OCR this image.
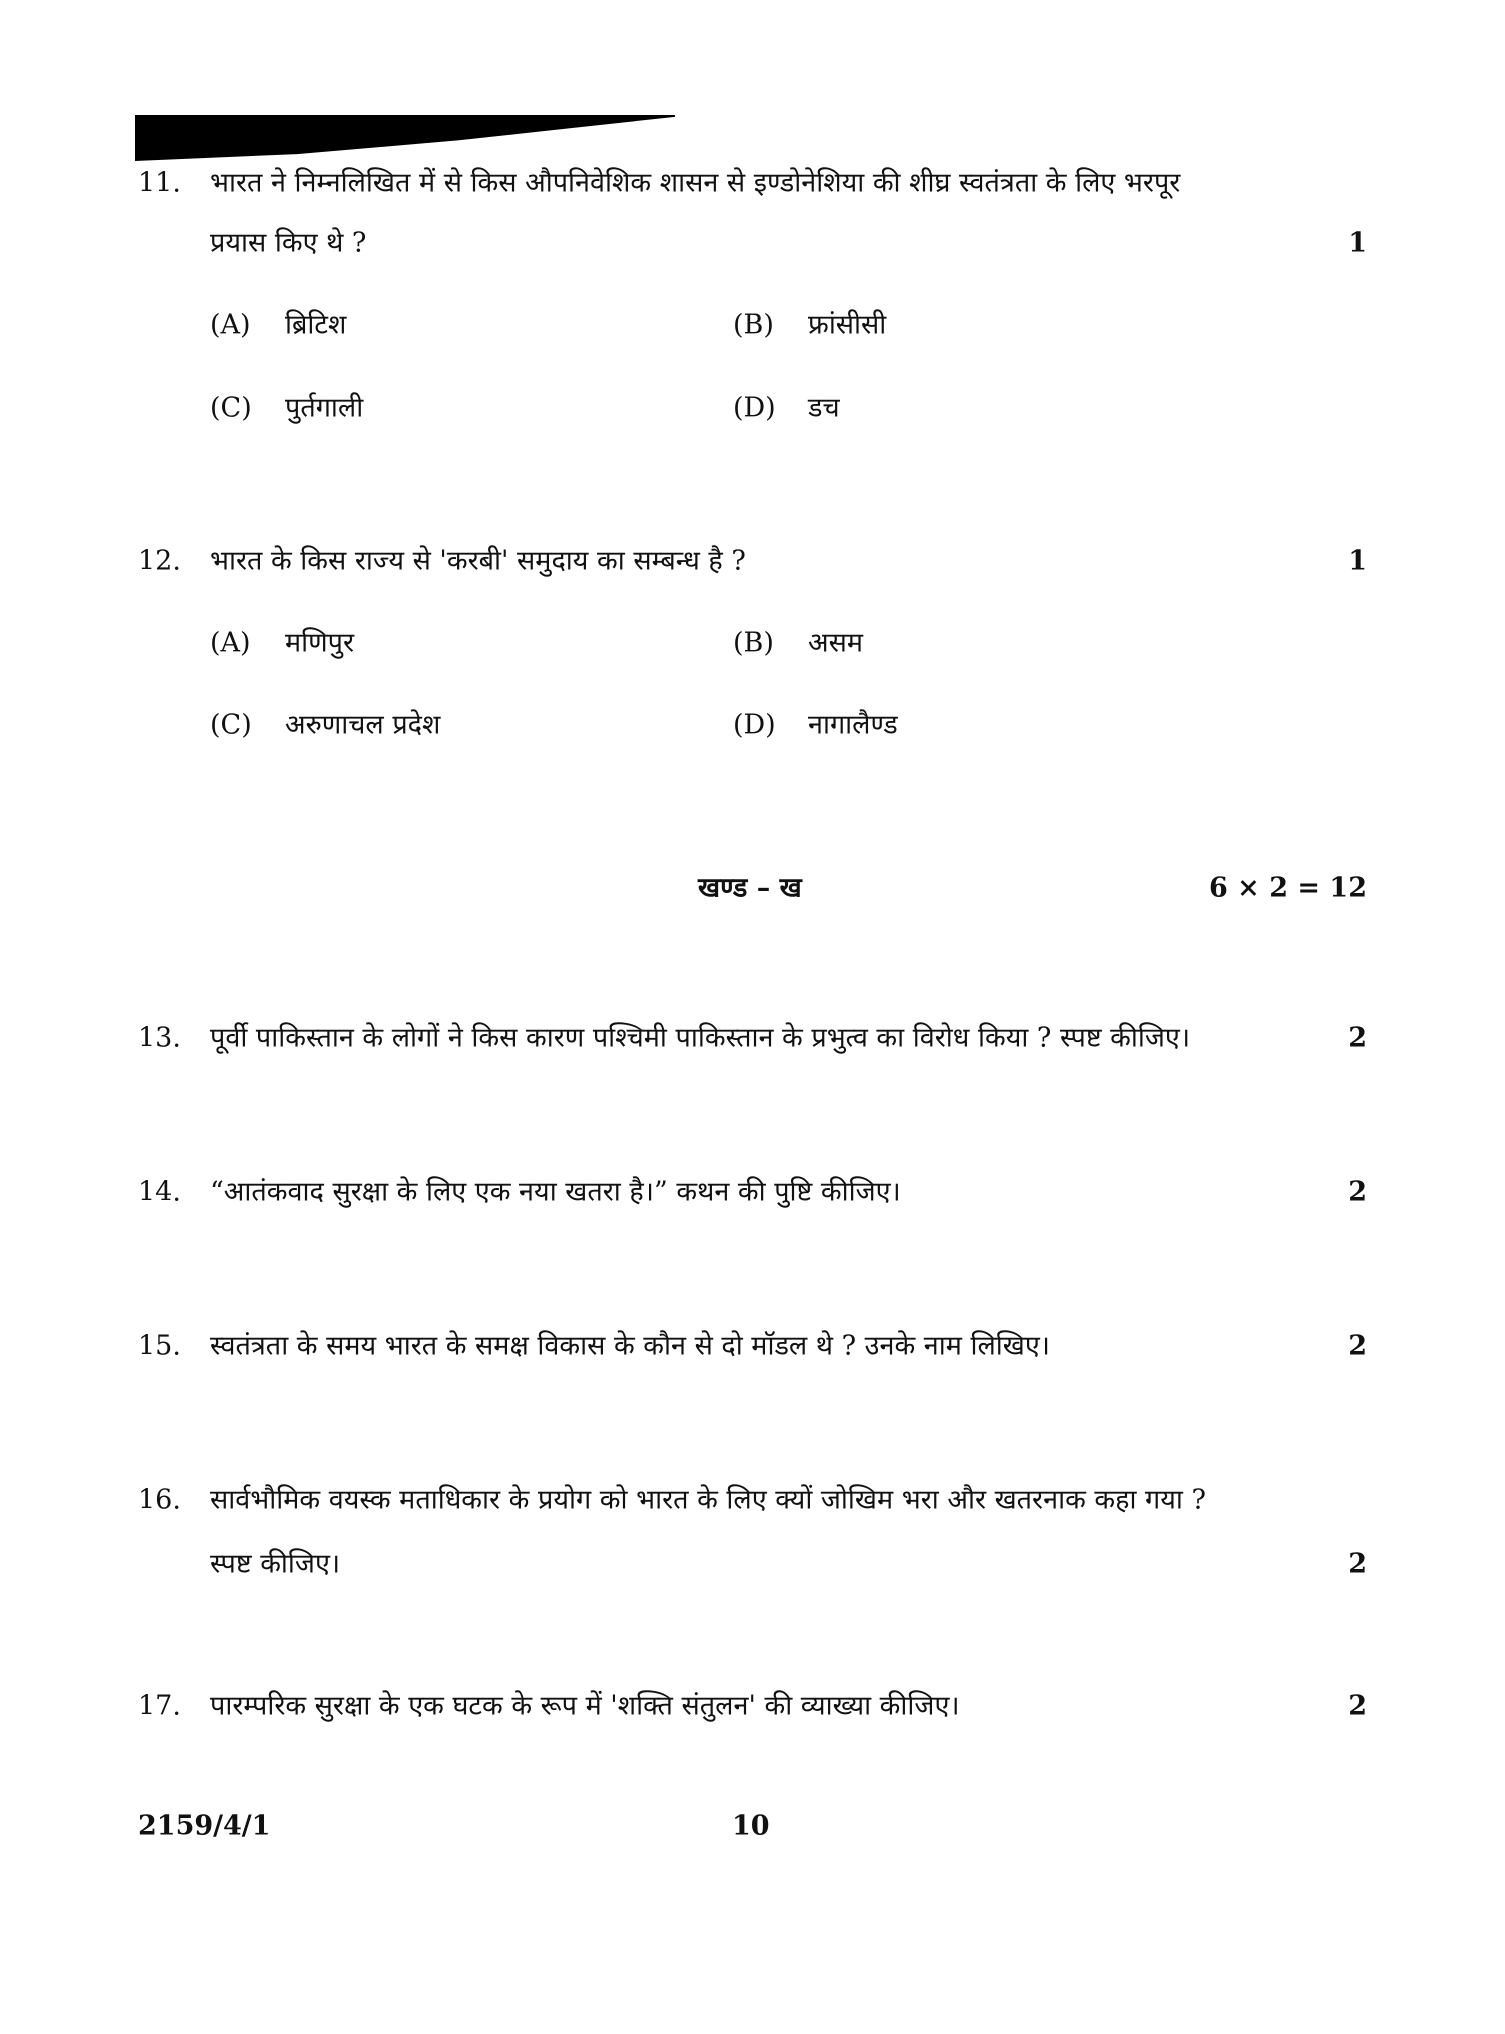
11. भारत ने निम्नलिखित में से किस औपनिवेशिक शासन से इण्डोनेशिया की शीघ्र स्वतंत्रता के लिए भरपूर
प्रयास किए थे ?	1
(A) ब्रिटिश	(B) फ्रांसीसी
(C) पुर्तगाली	(D) डच
12. भारत के किस राज्य से 'करबी' समुदाय का सम्बन्ध है ?	1
(A) मणिपुर	(B) असम
(C) अरुणाचल प्रदेश	(D) नागालैण्ड
खण्ड – ख	6 × 2 = 12
13. पूर्वी पाकिस्तान के लोगों ने किस कारण पश्चिमी पाकिस्तान के प्रभुत्व का विरोध किया ? स्पष्ट कीजिए।	2
14. “आतंकवाद सुरक्षा के लिए एक नया खतरा है।” कथन की पुष्टि कीजिए।	2
15. स्वतंत्रता के समय भारत के समक्ष विकास के कौन से दो मॉडल थे ? उनके नाम लिखिए।	2
16. सार्वभौमिक वयस्क मताधिकार के प्रयोग को भारत के लिए क्यों जोखिम भरा और खतरनाक कहा गया ?
स्पष्ट कीजिए।	2
17. पारम्परिक सुरक्षा के एक घटक के रूप में 'शक्ति संतुलन' की व्याख्या कीजिए।	2
2159/4/1	10
